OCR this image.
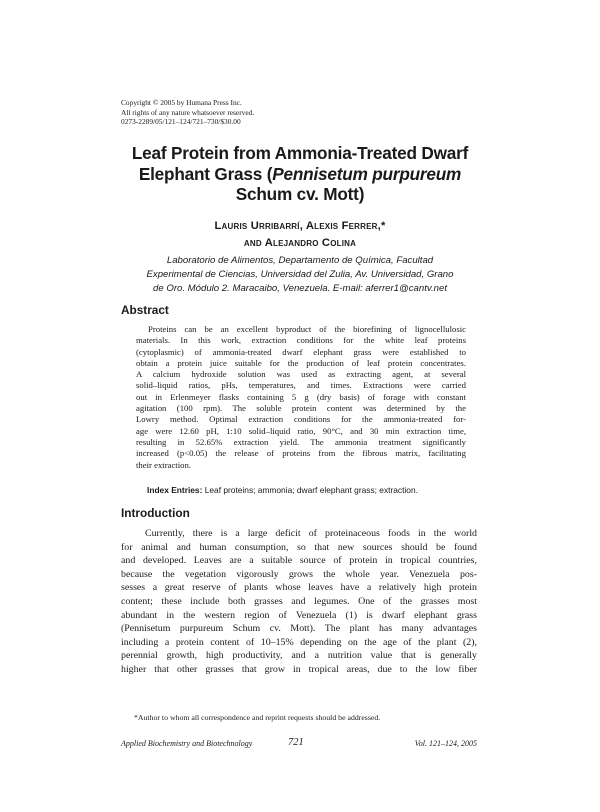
Copyright © 2005 by Humana Press Inc.
All rights of any nature whatsoever reserved.
0273-2289/05/121–124/721–730/$30.00
Leaf Protein from Ammonia-Treated Dwarf
Elephant Grass (Pennisetum purpureum
Schum cv. Mott)
Lauris Urribarrí, Alexis Ferrer,*
and Alejandro Colina
Laboratorio de Alimentos, Departamento de Química, Facultad
Experimental de Ciencias, Universidad del Zulia, Av. Universidad, Grano
de Oro. Módulo 2. Maracaibo, Venezuela. E-mail: aferrer1@cantv.net
Abstract
Proteins can be an excellent byproduct of the biorefining of lignocellulosic
materials. In this work, extraction conditions for the white leaf proteins
(cytoplasmic) of ammonia-treated dwarf elephant grass were established to
obtain a protein juice suitable for the production of leaf protein concentrates.
A calcium hydroxide solution was used as extracting agent, at several
solid–liquid ratios, pHs, temperatures, and times. Extractions were carried
out in Erlenmeyer flasks containing 5 g (dry basis) of forage with constant
agitation (100 rpm). The soluble protein content was determined by the
Lowry method. Optimal extraction conditions for the ammonia-treated for-
age were 12.60 pH, 1:10 solid–liquid ratio, 90°C, and 30 min extraction time,
resulting in 52.65% extraction yield. The ammonia treatment significantly
increased (p<0.05) the release of proteins from the fibrous matrix, facilitating
their extraction.
Index Entries: Leaf proteins; ammonia; dwarf elephant grass; extraction.
Introduction
Currently, there is a large deficit of proteinaceous foods in the world
for animal and human consumption, so that new sources should be found
and developed. Leaves are a suitable source of protein in tropical countries,
because the vegetation vigorously grows the whole year. Venezuela pos-
sesses a great reserve of plants whose leaves have a relatively high protein
content; these include both grasses and legumes. One of the grasses most
abundant in the western region of Venezuela (1) is dwarf elephant grass
(Pennisetum purpureum Schum cv. Mott). The plant has many advantages
including a protein content of 10–15% depending on the age of the plant (2),
perennial growth, high productivity, and a nutrition value that is generally
higher that other grasses that grow in tropical areas, due to the low fiber
*Author to whom all correspondence and reprint requests should be addressed.
Applied Biochemistry and Biotechnology	721	Vol. 121–124, 2005
